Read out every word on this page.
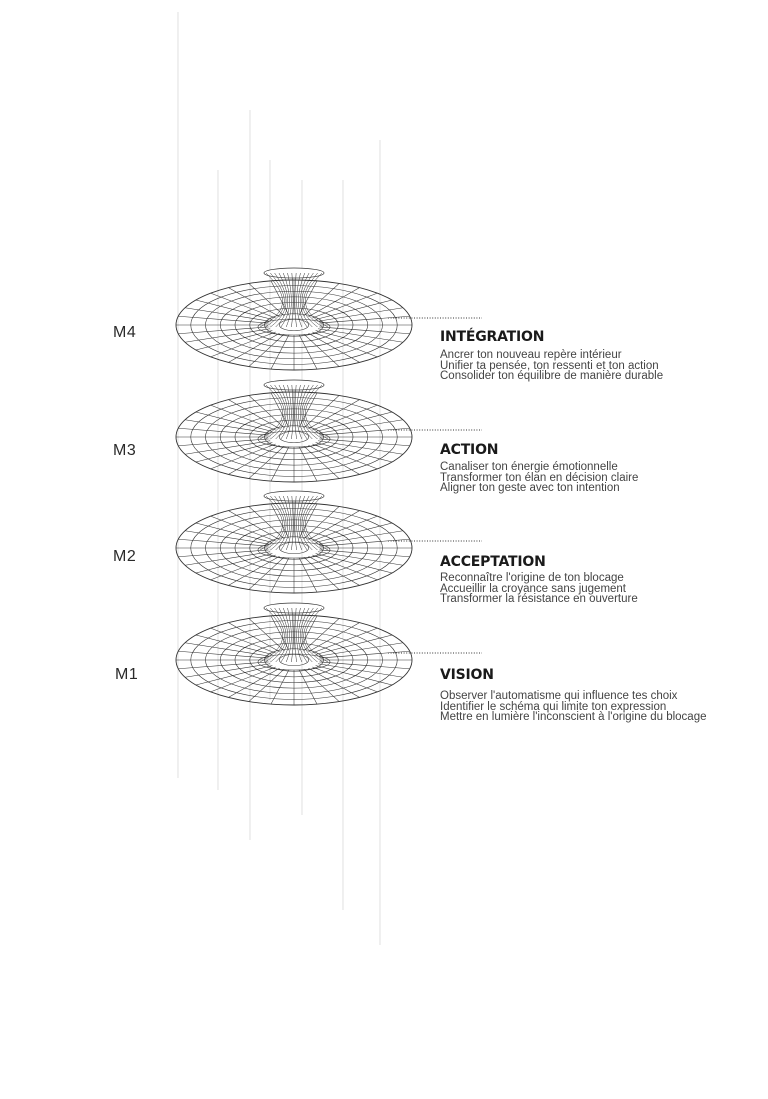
M4	INTÉGRATION
Ancrer ton nouveau repère intérieur
Unifier ta pensée, ton ressenti et ton action
Consolider ton équilibre de manière durable
M3	ACTION
Canaliser ton énergie émotionnelle
Transformer ton élan en décision claire
Aligner ton geste avec ton intention
M2	ACCEPTATION
Reconnaître l'origine de ton blocage
Accueillir la croyance sans jugement
Transformer la résistance en ouverture
M1	VISION
Observer l'automatisme qui influence tes choix
Identifier le schéma qui limite ton expression
Mettre en lumière l'inconscient à l'origine du blocage
